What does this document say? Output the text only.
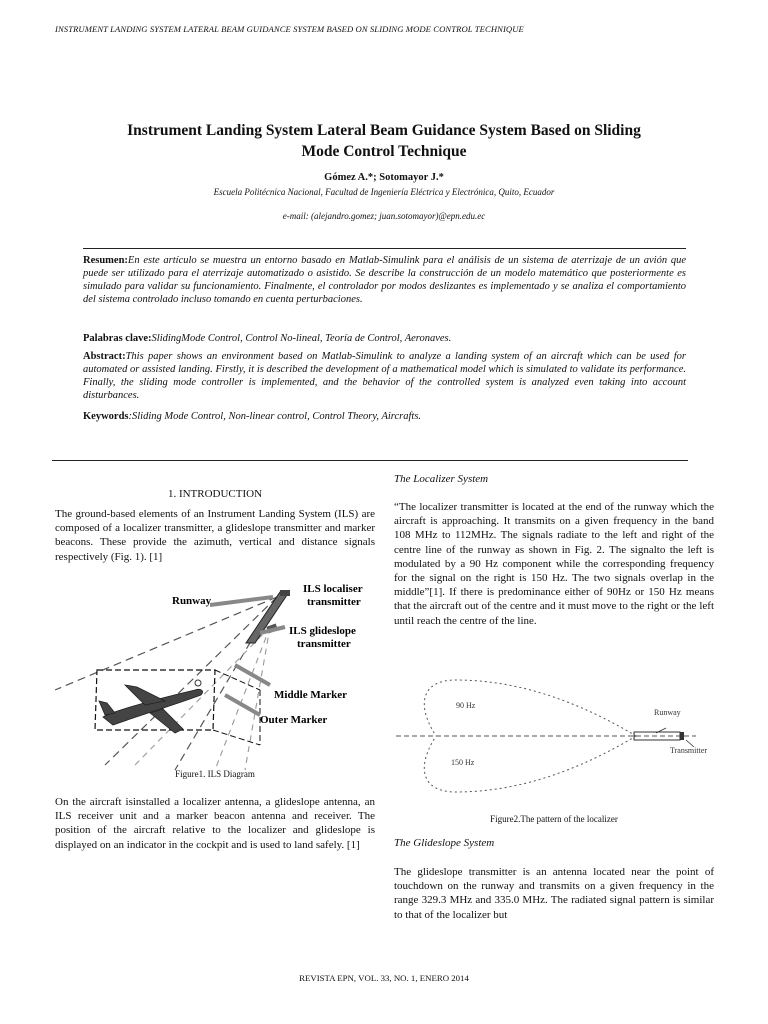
INSTRUMENT LANDING SYSTEM LATERAL BEAM GUIDANCE SYSTEM BASED ON SLIDING MODE CONTROL TECHNIQUE
Instrument Landing System Lateral Beam Guidance System Based on Sliding
Mode Control Technique
Gómez A.*; Sotomayor J.*
Escuela Politécnica Nacional, Facultad de Ingeniería Eléctrica y Electrónica, Quito, Ecuador
e-mail: (alejandro.gomez; juan.sotomayor)@epn.edu.ec
Resumen:En este artículo se muestra un entorno basado en Matlab-Simulink para el análisis de un sistema de aterrizaje de un avión que puede ser utilizado para el aterrizaje automatizado o asistido. Se describe la construcción de un modelo matemático que posteriormente es simulado para validar su funcionamiento. Finalmente, el controlador por modos deslizantes es implementado y se analiza el comportamiento del sistema controlado incluso tomando en cuenta perturbaciones.
Palabras clave:SlidingMode Control, Control No-lineal, Teoría de Control, Aeronaves.
Abstract:This paper shows an environment based on Matlab-Simulink to analyze a landing system of an aircraft which can be used for automated or assisted landing. Firstly, it is described the development of a mathematical model which is simulated to validate its performance. Finally, the sliding mode controller is implemented, and the behavior of the controlled system is analyzed even taking into account disturbances.
Keywords:Sliding Mode Control, Non-linear control, Control Theory, Aircrafts.
1. INTRODUCTION
The ground-based elements of an Instrument Landing System (ILS) are composed of a localizer transmitter, a glideslope transmitter and marker beacons. These provide the azimuth, vertical and distance signals respectively (Fig. 1). [1]
Runway
ILS localiser
transmitter
ILS glideslope
transmitter
Middle Marker
Outer Marker
Figure1. ILS Diagram
On the aircraft isinstalled a localizer antenna, a glideslope antenna, an ILS receiver unit and a marker beacon antenna and receiver. The position of the aircraft relative to the localizer and glideslope is displayed on an indicator in the cockpit and is used to land safely. [1]
The Localizer System
“The localizer transmitter is located at the end of the runway which the aircraft is approaching. It transmits on a given frequency in the band 108 MHz to 112MHz. The signals radiate to the left and right of the centre line of the runway as shown in Fig. 2. The signalto the left is modulated by a 90 Hz component while the corresponding frequency for the signal on the right is 150 Hz. The two signals overlap in the middle”[1]. If there is predominance either of 90Hz or 150 Hz means that the aircraft out of the centre and it must move to the right or the left until reach the centre of the line.
90 Hz
150 Hz
Runway
Transmitter
Figure2.The pattern of the localizer
The Glideslope System
The glideslope transmitter is an antenna located near the point of touchdown on the runway and transmits on a given frequency in the range 329.3 MHz and 335.0 MHz. The radiated signal pattern is similar to that of the localizer but
REVISTA EPN, VOL. 33, NO. 1, ENERO 2014
